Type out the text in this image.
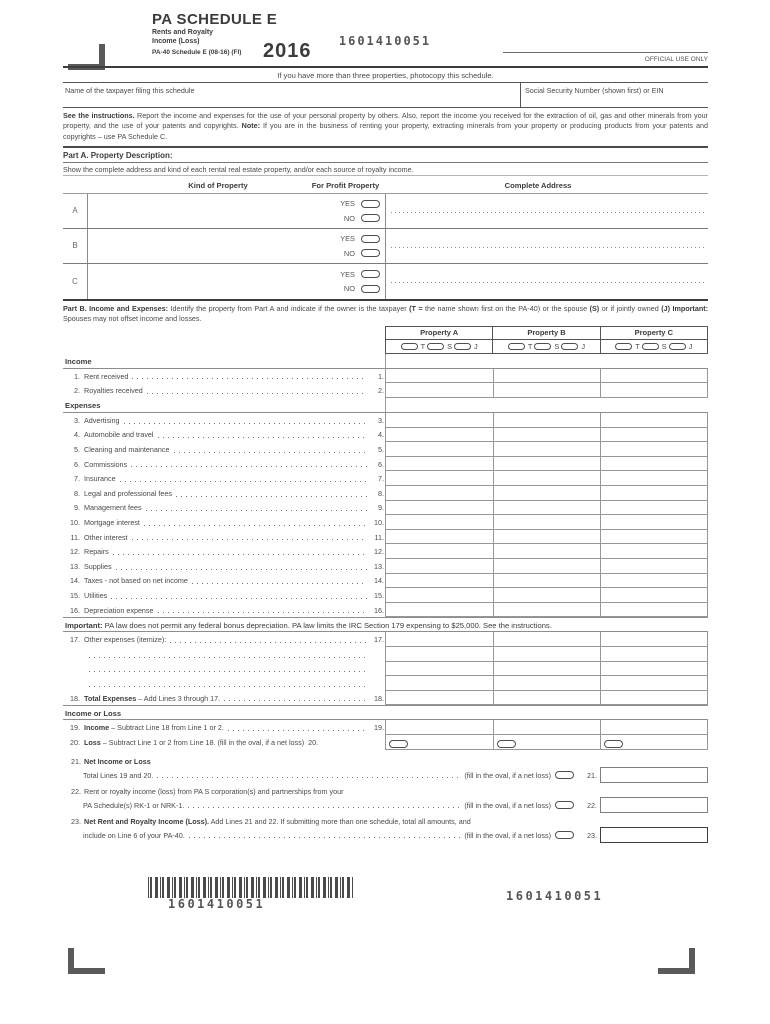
1601410051
PA SCHEDULE E
Rents and Royalty
Income (Loss)
PA-40 Schedule E (08-16) (FI) 2016	OFFICIAL USE ONLY
If you have more than three properties, photocopy this schedule.
Name of the taxpayer filing this schedule	Social Security Number (shown first) or EIN
See the instructions. Report the income and expenses for the use of your personal property by others. Also, report the income you received for the extraction of oil, gas and other minerals from your property, and the use of your patents and copyrights. Note: If you are in the business of renting your property, extracting minerals from your property or producing products from your patents and copyrights – use PA Schedule C.
Part A. Property Description:
Show the complete address and kind of each rental real estate property, and/or each source of royalty income.
Kind of Property	For Profit Property	Complete Address
A
YES
NO
B
YES
NO
C
YES
NO
Part B. Income and Expenses: Identify the property from Part A and indicate if the owner is the taxpayer (T = the name shown first on the PA-40) or the spouse (S) or if jointly owned (J) Important: Spouses may not offset income and losses.
Property A	Property B	Property C
T	S	J	T	S	J	T	S	J
Income
1. Rent received	1.
2. Royalties received	2.
Expenses
3. Advertising	3.
4. Automobile and travel	4.
5. Cleaning and maintenance	5.
6. Commissions	6.
7. Insurance	7.
8. Legal and professional fees	8.
9. Management fees	9.
10. Mortgage interest	10.
11. Other interest	11.
12. Repairs	12.
13. Supplies	13.
14. Taxes - not based on net income	14.
15. Utilities	15.
16. Depreciation expense	16.
Important: PA law does not permit any federal bonus depreciation. PA law limits the IRC Section 179 expensing to $25,000. See the instructions.
17. Other expenses (itemize):	17.
18. Total Expenses – Add Lines 3 through 17.	18.
Income or Loss
19. Income – Subtract Line 18 from Line 1 or 2.	19.
20. Loss – Subtract Line 1 or 2 from Line 18. (fill in the oval, if a net loss) 20.
21. Net Income or Loss
Total Lines 19 and 20.	(fill in the oval, if a net loss)	21.
22. Rent or royalty income (loss) from PA S corporation(s) and partnerships from your
PA Schedule(s) RK-1 or NRK-1.	(fill in the oval, if a net loss)	22.
23. Net Rent and Royalty Income (Loss). Add Lines 21 and 22. If submitting more than one schedule, total all amounts, and
include on Line 6 of your PA-40.	(fill in the oval, if a net loss)	23.
1601410051
1601410051
